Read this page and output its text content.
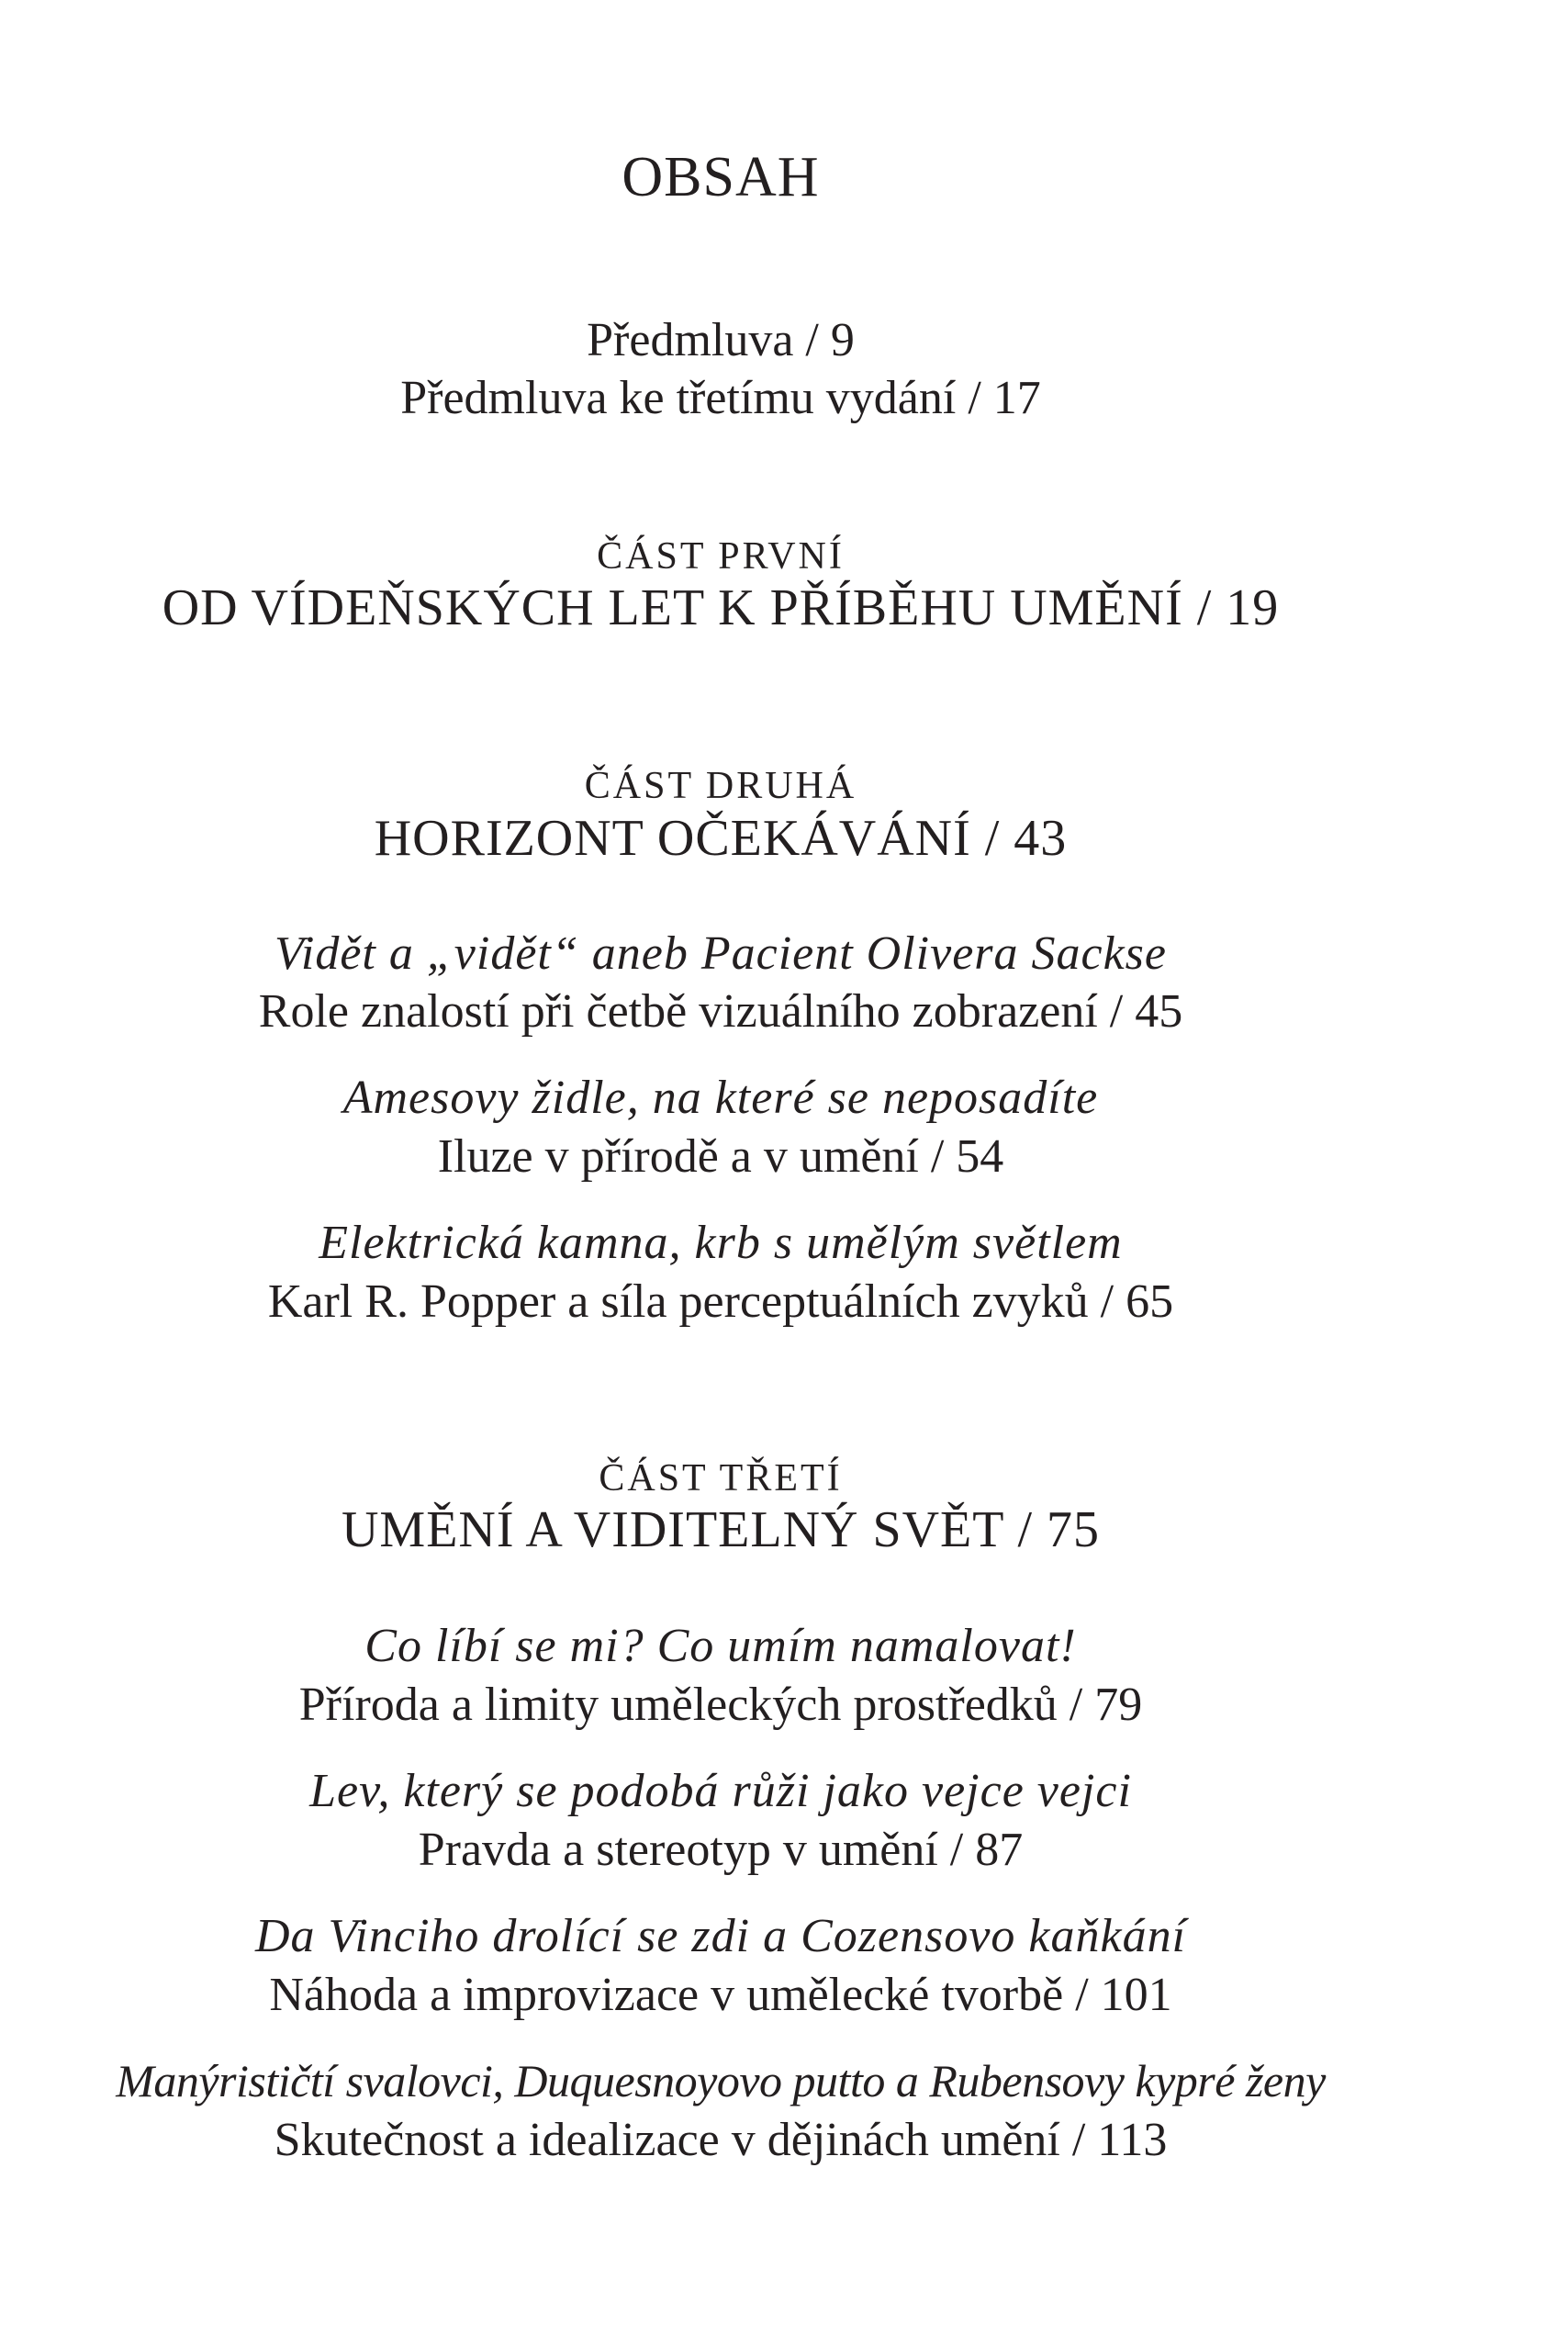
OBSAH
Předmluva / 9
Předmluva ke třetímu vydání / 17
ČÁST PRVNÍ
OD VÍDEŇSKÝCH LET K PŘÍBĚHU UMĚNÍ / 19
ČÁST DRUHÁ
HORIZONT OČEKÁVÁNÍ / 43
Vidět a „vidět“ aneb Pacient Olivera Sackse
Role znalostí při četbě vizuálního zobrazení / 45
Amesovy židle, na které se neposadíte
Iluze v přírodě a v umění / 54
Elektrická kamna, krb s umělým světlem
Karl R. Popper a síla perceptuálních zvyků / 65
ČÁST TŘETÍ
UMĚNÍ A VIDITELNÝ SVĚT / 75
Co líbí se mi? Co umím namalovat!
Příroda a limity uměleckých prostředků / 79
Lev, který se podobá růži jako vejce vejci
Pravda a stereotyp v umění / 87
Da Vinciho drolící se zdi a Cozensovo kaňkání
Náhoda a improvizace v umělecké tvorbě / 101
Manýrističtí svalovci, Duquesnoyovo putto a Rubensovy kypré ženy
Skutečnost a idealizace v dějinách umění / 113
